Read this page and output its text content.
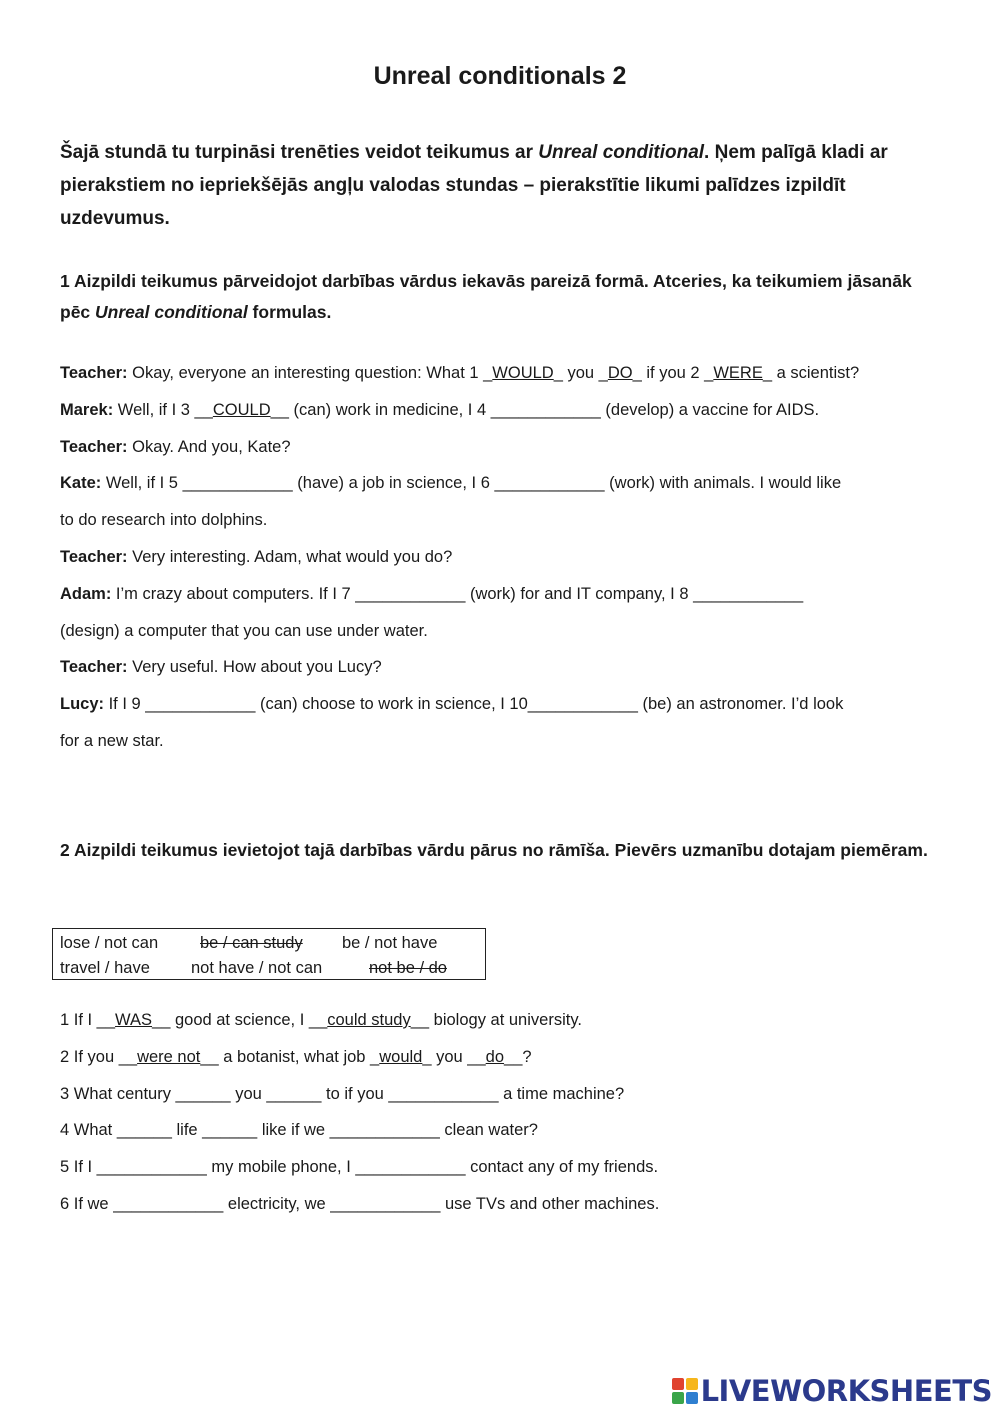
Unreal conditionals 2

Šajā stundā tu turpināsi trenēties veidot teikumus ar Unreal conditional. Ņem palīgā kladi ar pierakstiem no iepriekšējās angļu valodas stundas – pierakstītie likumi palīdzes izpildīt uzdevumus.

1 Aizpildi teikumus pārveidojot darbības vārdus iekavās pareizā formā. Atceries, ka teikumiem jāsanāk pēc Unreal conditional formulas.

Teacher: Okay, everyone an interesting question: What 1 _WOULD_ you _DO_ if you 2 _WERE_ a scientist?
Marek: Well, if I 3 __COULD__ (can) work in medicine, I 4 ____________ (develop) a vaccine for AIDS.
Teacher: Okay. And you, Kate?
Kate: Well, if I 5 ____________ (have) a job in science, I 6 ____________ (work) with animals. I would like
to do research into dolphins.
Teacher: Very interesting. Adam, what would you do?
Adam: I’m crazy about computers. If I 7 ____________ (work) for and IT company, I 8 ____________
(design) a computer that you can use under water.
Teacher: Very useful. How about you Lucy?
Lucy: If I 9 ____________ (can) choose to work in science, I 10____________ (be) an astronomer. I’d look
for a new star.

2 Aizpildi teikumus ievietojot tajā darbības vārdu pārus no rāmīša. Pievērs uzmanību dotajam piemēram.

lose / not can	be / can study be / not have
travel / have not have / not can	not be / do
1 If I __WAS__ good at science, I __could study__ biology at university.
2 If you __were not__ a botanist, what job _would_ you __do__?
3 What century ______ you ______ to if you ____________ a time machine?
4 What ______ life ______ like if we ____________ clean water?
5 If I ____________ my mobile phone, I ____________ contact any of my friends.
6 If we ____________ electricity, we ____________ use TVs and other machines.
LIVEWORKSHEETS
